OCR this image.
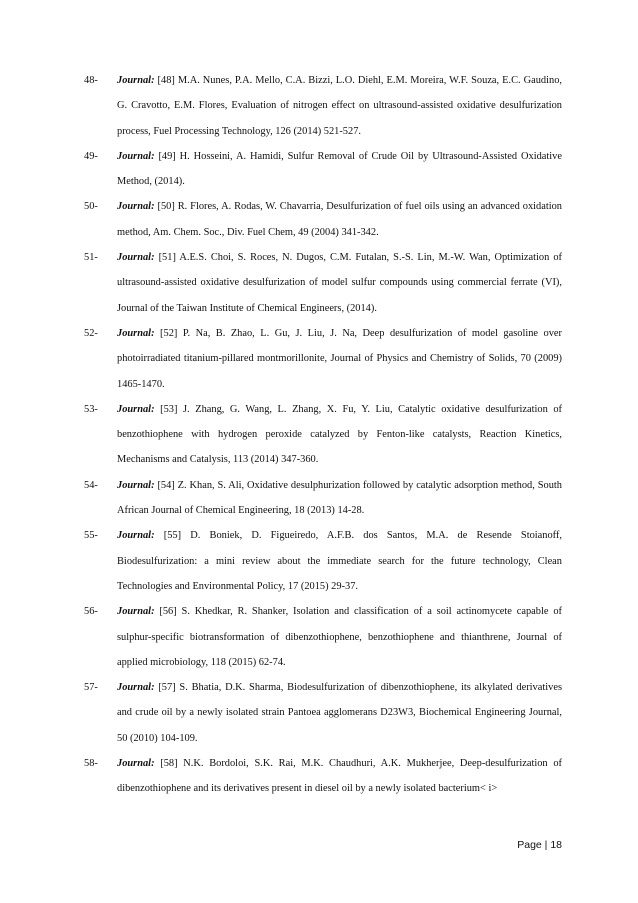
48- Journal: [48] M.A. Nunes, P.A. Mello, C.A. Bizzi, L.O. Diehl, E.M. Moreira, W.F. Souza, E.C. Gaudino, G. Cravotto, E.M. Flores, Evaluation of nitrogen effect on ultrasound-assisted oxidative desulfurization process, Fuel Processing Technology, 126 (2014) 521-527.
49- Journal: [49] H. Hosseini, A. Hamidi, Sulfur Removal of Crude Oil by Ultrasound-Assisted Oxidative Method, (2014).
50- Journal: [50] R. Flores, A. Rodas, W. Chavarria, Desulfurization of fuel oils using an advanced oxidation method, Am. Chem. Soc., Div. Fuel Chem, 49 (2004) 341-342.
51- Journal: [51] A.E.S. Choi, S. Roces, N. Dugos, C.M. Futalan, S.-S. Lin, M.-W. Wan, Optimization of ultrasound-assisted oxidative desulfurization of model sulfur compounds using commercial ferrate (VI), Journal of the Taiwan Institute of Chemical Engineers, (2014).
52- Journal: [52] P. Na, B. Zhao, L. Gu, J. Liu, J. Na, Deep desulfurization of model gasoline over photoirradiated titanium-pillared montmorillonite, Journal of Physics and Chemistry of Solids, 70 (2009) 1465-1470.
53- Journal: [53] J. Zhang, G. Wang, L. Zhang, X. Fu, Y. Liu, Catalytic oxidative desulfurization of benzothiophene with hydrogen peroxide catalyzed by Fenton-like catalysts, Reaction Kinetics, Mechanisms and Catalysis, 113 (2014) 347-360.
54- Journal: [54] Z. Khan, S. Ali, Oxidative desulphurization followed by catalytic adsorption method, South African Journal of Chemical Engineering, 18 (2013) 14-28.
55- Journal: [55] D. Boniek, D. Figueiredo, A.F.B. dos Santos, M.A. de Resende Stoianoff, Biodesulfurization: a mini review about the immediate search for the future technology, Clean Technologies and Environmental Policy, 17 (2015) 29-37.
56- Journal: [56] S. Khedkar, R. Shanker, Isolation and classification of a soil actinomycete capable of sulphur-specific biotransformation of dibenzothiophene, benzothiophene and thianthrene, Journal of applied microbiology, 118 (2015) 62-74.
57- Journal: [57] S. Bhatia, D.K. Sharma, Biodesulfurization of dibenzothiophene, its alkylated derivatives and crude oil by a newly isolated strain Pantoea agglomerans D23W3, Biochemical Engineering Journal, 50 (2010) 104-109.
58- Journal: [58] N.K. Bordoloi, S.K. Rai, M.K. Chaudhuri, A.K. Mukherjee, Deep-desulfurization of dibenzothiophene and its derivatives present in diesel oil by a newly isolated bacterium< i>
Page | 18
